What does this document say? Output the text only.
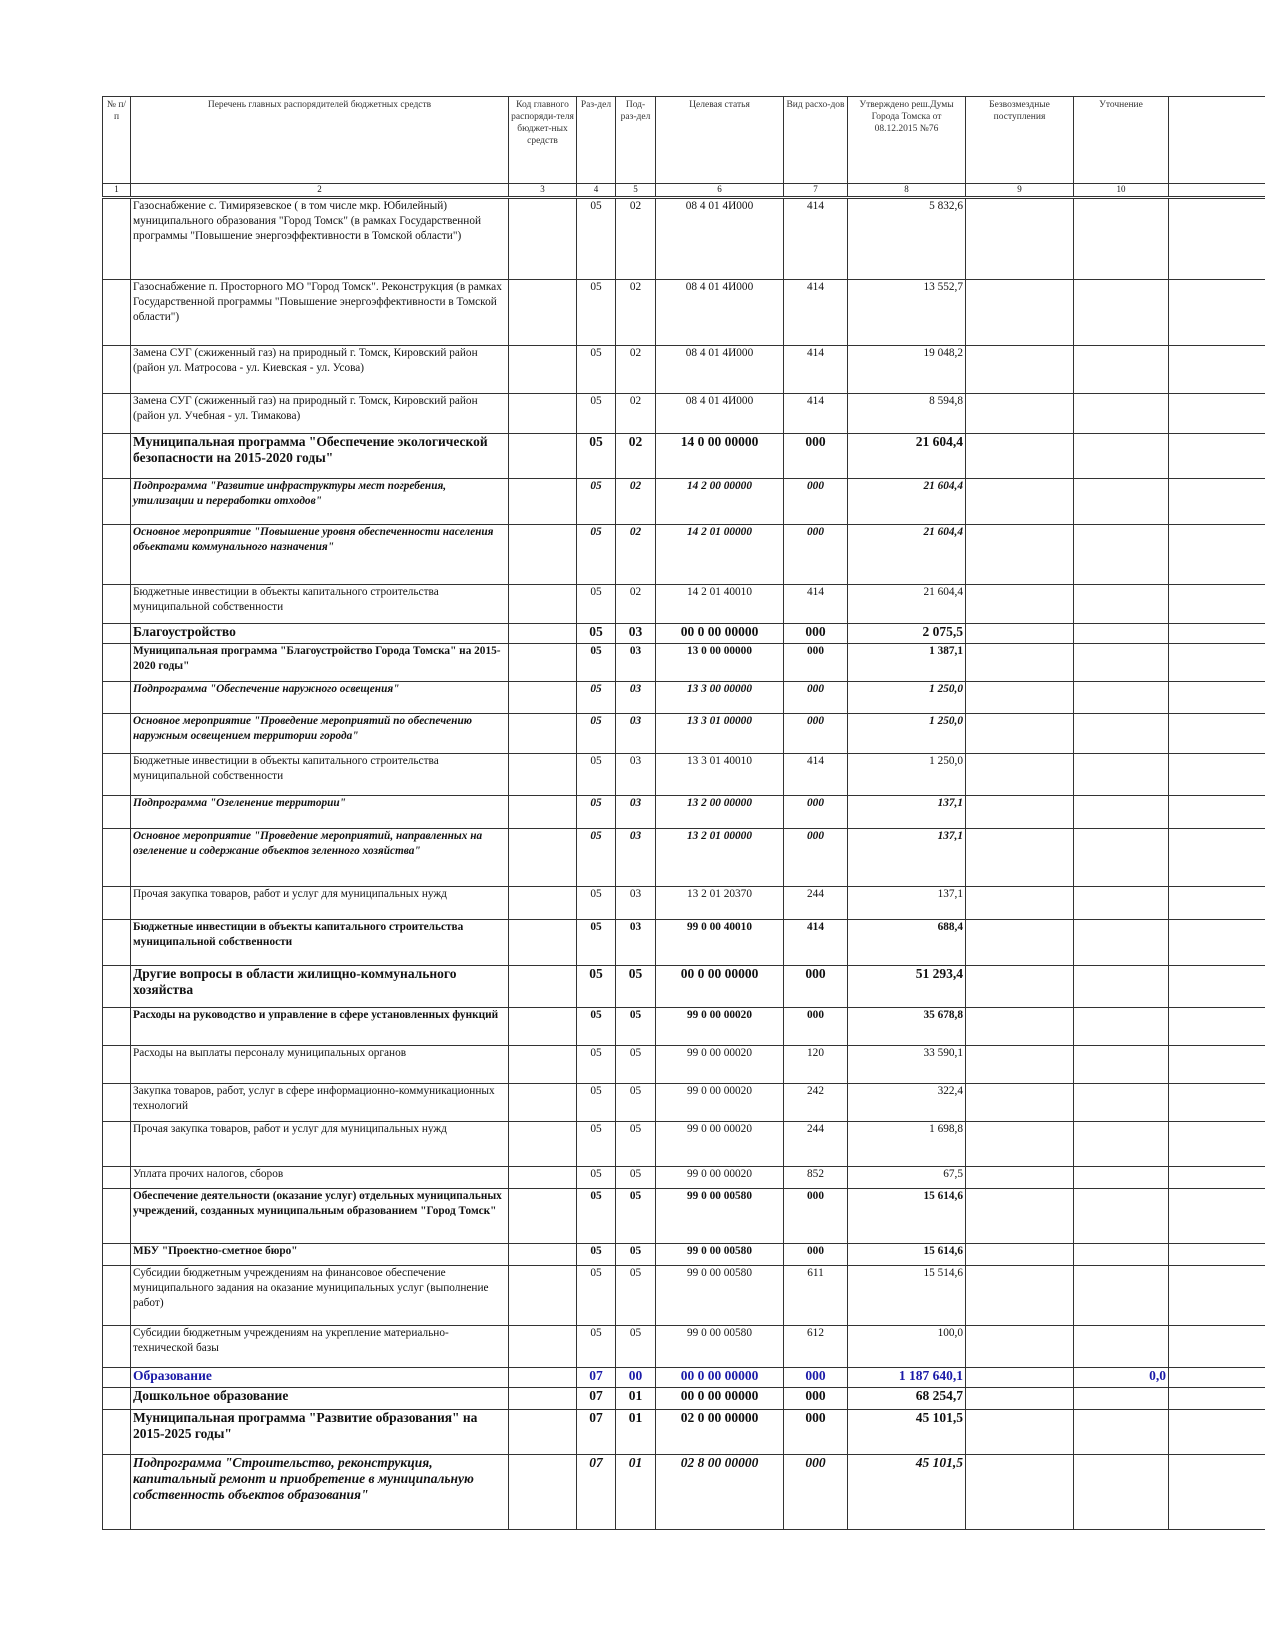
№ п/п	Перечень главных распорядителей бюджетных средств	Код главного распоряди-теля бюджет-ных средств	Раз-дел	Под-раз-дел	Целевая статья	Вид расхо-дов	Утверждено реш.Думы Города Томска от 08.12.2015 №76	Безвозмездные поступления	Уточнение	
1	2	3	4	5	6	7	8	9	10	
	Газоснабжение с. Тимирязевское ( в том числе мкр. Юбилейный) муниципального образования "Город Томск" (в рамках Государственной программы "Повышение энергоэффективности в Томской области")		05	02	08 4 01 4И000	414	5 832,6			
	Газоснабжение п. Просторного МО "Город Томск". Реконструкция (в рамках Государственной программы "Повышение энергоэффективности в Томской области")		05	02	08 4 01 4И000	414	13 552,7			
	Замена СУГ (сжиженный газ) на природный г. Томск, Кировский район (район ул. Матросова - ул. Киевская - ул. Усова)		05	02	08 4 01 4И000	414	19 048,2			
	Замена СУГ (сжиженный газ) на природный г. Томск, Кировский район (район ул. Учебная - ул. Тимакова)		05	02	08 4 01 4И000	414	8 594,8			
	Муниципальная программа "Обеспечение экологической безопасности на 2015-2020 годы"		05	02	14 0 00 00000	000	21 604,4			
	Подпрограмма "Развитие инфраструктуры мест погребения, утилизации и переработки отходов"		05	02	14 2 00 00000	000	21 604,4			
	Основное мероприятие "Повышение уровня обеспеченности населения объектами коммунального назначения"		05	02	14 2 01 00000	000	21 604,4			
	Бюджетные инвестиции в объекты капитального строительства муниципальной собственности		05	02	14 2 01 40010	414	21 604,4			
	Благоустройство		05	03	00 0 00 00000	000	2 075,5			
	Муниципальная программа "Благоустройство Города Томска" на 2015-2020 годы"		05	03	13 0 00 00000	000	1 387,1			
	Подпрограмма "Обеспечение наружного освещения"		05	03	13 3 00 00000	000	1 250,0			
	Основное мероприятие "Проведение мероприятий по обеспечению наружным освещением территории города"		05	03	13 3 01 00000	000	1 250,0			
	Бюджетные инвестиции в объекты капитального строительства муниципальной собственности		05	03	13 3 01 40010	414	1 250,0			
	Подпрограмма "Озеленение территории"		05	03	13 2 00 00000	000	137,1			
	Основное мероприятие "Проведение мероприятий, направленных на озеленение и содержание объектов зеленного хозяйства"		05	03	13 2 01 00000	000	137,1			
	Прочая закупка товаров, работ и услуг для муниципальных нужд		05	03	13 2 01 20370	244	137,1			
	Бюджетные инвестиции в объекты капитального строительства муниципальной собственности		05	03	99 0 00 40010	414	688,4			
	Другие вопросы в области жилищно-коммунального хозяйства		05	05	00 0 00 00000	000	51 293,4			
	Расходы на руководство и управление в сфере установленных функций		05	05	99 0 00 00020	000	35 678,8			
	Расходы на выплаты персоналу муниципальных органов		05	05	99 0 00 00020	120	33 590,1			
	Закупка товаров, работ, услуг в сфере информационно-коммуникационных технологий		05	05	99 0 00 00020	242	322,4			
	Прочая закупка товаров, работ и услуг для муниципальных нужд		05	05	99 0 00 00020	244	1 698,8			
	Уплата прочих налогов, сборов		05	05	99 0 00 00020	852	67,5			
	Обеспечение деятельности (оказание услуг) отдельных муниципальных учреждений, созданных муниципальным образованием "Город Томск"		05	05	99 0 00 00580	000	15 614,6			
	МБУ "Проектно-сметное бюро"		05	05	99 0 00 00580	000	15 614,6			
	Субсидии бюджетным учреждениям на финансовое обеспечение муниципального задания на оказание муниципальных услуг (выполнение работ)		05	05	99 0 00 00580	611	15 514,6			
	Субсидии бюджетным учреждениям на укрепление материально-технической базы		05	05	99 0 00 00580	612	100,0			
	Образование		07	00	00 0 00 00000	000	1 187 640,1		0,0	
	Дошкольное образование		07	01	00 0 00 00000	000	68 254,7			
	Муниципальная программа "Развитие образования" на 2015-2025 годы"		07	01	02 0 00 00000	000	45 101,5			
	Подпрограмма "Строительство, реконструкция, капитальный ремонт и приобретение в муниципальную собственность объектов образования"		07	01	02 8 00 00000	000	45 101,5			
